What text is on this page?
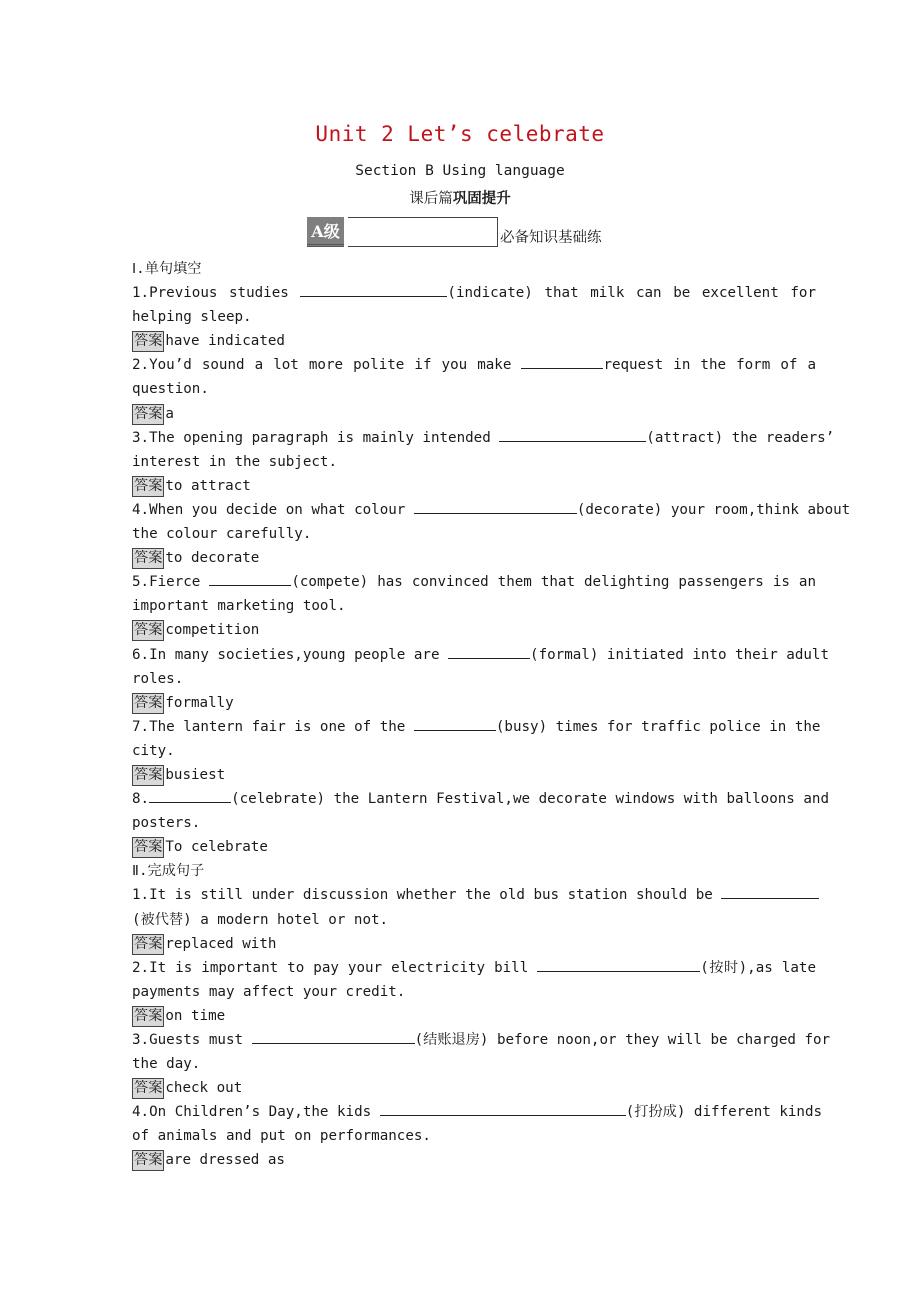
Unit 2 Let’s celebrate
Section B Using language
课后篇巩固提升
A级	必备知识基础练
Ⅰ.单句填空
1.Previous studies	(indicate) that milk can be excellent for
helping sleep.
答案 have indicated
2.You’d sound a lot more polite if you make	request in the form of a
question.
答案 a
3.The opening paragraph is mainly intended	(attract) the readers’
interest in the subject.
答案 to attract
4.When you decide on what colour	(decorate) your room,think about
the colour carefully.
答案 to decorate
5.Fierce	(compete) has convinced them that delighting passengers is an
important marketing tool.
答案 competition
6.In many societies,young people are	(formal) initiated into their adult
roles.
答案 formally
7.The lantern fair is one of the	(busy) times for traffic police in the
city.
答案 busiest
8.	(celebrate) the Lantern Festival,we decorate windows with balloons and
posters.
答案 To celebrate
Ⅱ.完成句子
1.It is still under discussion whether the old bus station should be
(被代替) a modern hotel or not.
答案 replaced with
2.It is important to pay your electricity bill	(按时),as late
payments may affect your credit.
答案 on time
3.Guests must	(结账退房) before noon,or they will be charged for
the day.
答案 check out
4.On Children’s Day,the kids	(打扮成) different kinds
of animals and put on performances.
答案 are dressed as
